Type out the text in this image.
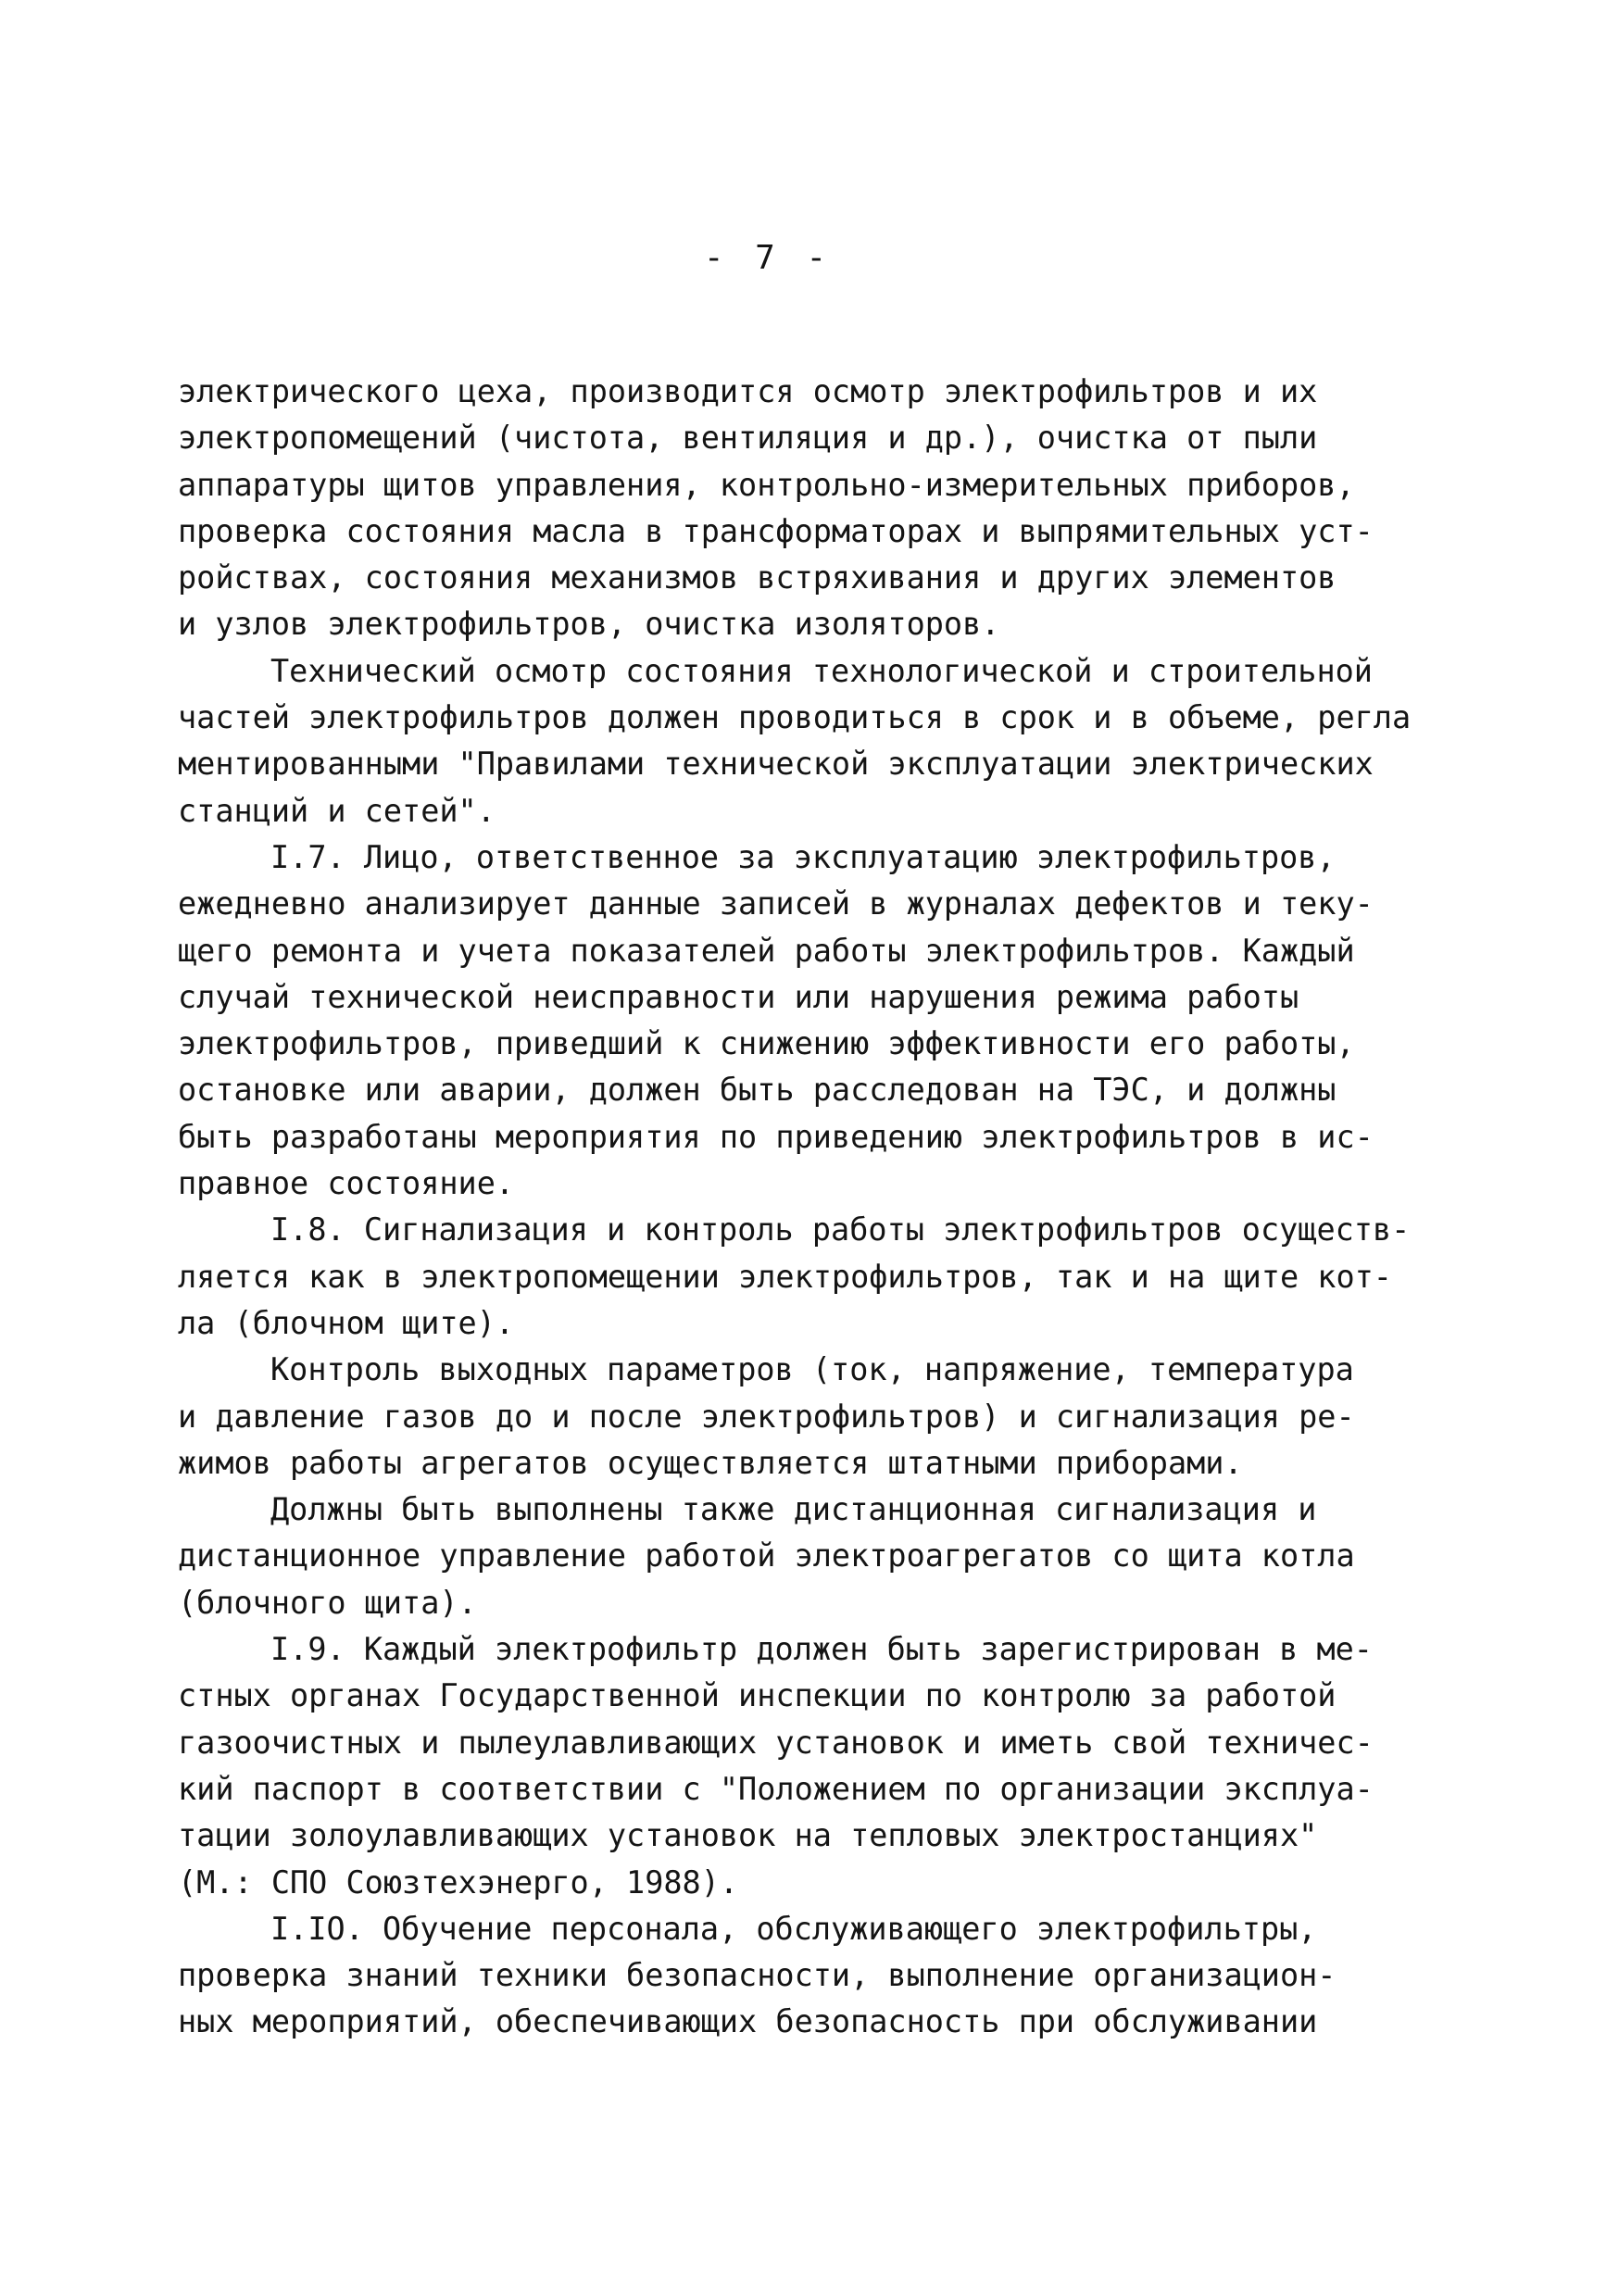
- 7 -
электрического цеха, производится осмотр электрофильтров и их
электропомещений (чистота, вентиляция и др.), очистка от пыли
аппаратуры щитов управления, контрольно-измерительных приборов,
проверка состояния масла в трансформаторах и выпрямительных уст-
ройствах, состояния механизмов встряхивания и других элементов
и узлов электрофильтров, очистка изоляторов.
Технический осмотр состояния технологической и строительной
частей электрофильтров должен проводиться в срок и в объеме, регла
ментированными "Правилами технической эксплуатации электрических
станций и сетей".
I.7. Лицо, ответственное за эксплуатацию электрофильтров,
ежедневно анализирует данные записей в журналах дефектов и теку-
щего ремонта и учета показателей работы электрофильтров. Каждый
случай технической неисправности или нарушения режима работы
электрофильтров, приведший к снижению эффективности его работы,
остановке или аварии, должен быть расследован на ТЭС, и должны
быть разработаны мероприятия по приведению электрофильтров в ис-
правное состояние.
I.8. Сигнализация и контроль работы электрофильтров осуществ-
ляется как в электропомещении электрофильтров, так и на щите кот-
ла (блочном щите).
Контроль выходных параметров (ток, напряжение, температура
и давление газов до и после электрофильтров) и сигнализация ре-
жимов работы агрегатов осуществляется штатными приборами.
Должны быть выполнены также дистанционная сигнализация и
дистанционное управление работой электроагрегатов со щита котла
(блочного щита).
I.9. Каждый электрофильтр должен быть зарегистрирован в ме-
стных органах Государственной инспекции по контролю за работой
газоочистных и пылеулавливающих установок и иметь свой техничес-
кий паспорт в соответствии с "Положением по организации эксплуа-
тации золоулавливающих установок на тепловых электростанциях"
(М.: СПО Союзтехэнерго, 1988).
I.IO. Обучение персонала, обслуживающего электрофильтры,
проверка знаний техники безопасности, выполнение организацион-
ных мероприятий, обеспечивающих безопасность при обслуживании
